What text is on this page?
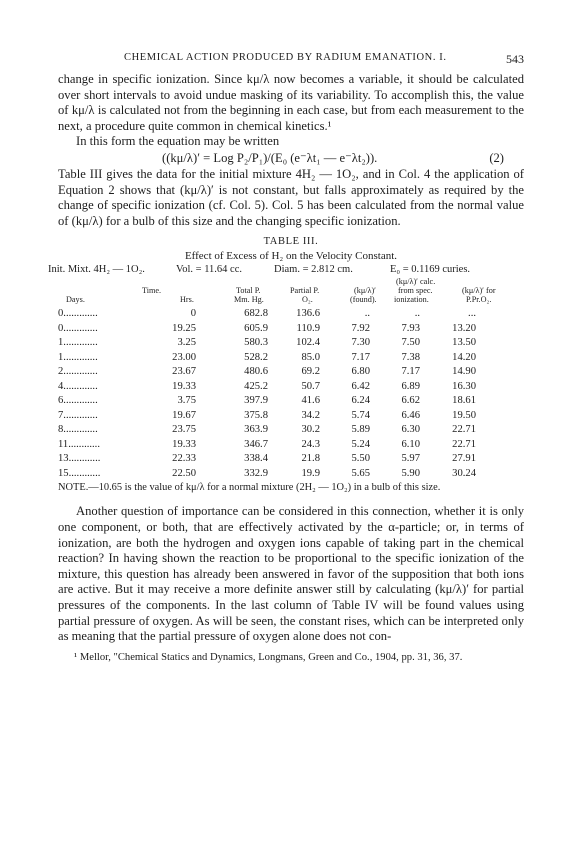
CHEMICAL ACTION PRODUCED BY RADIUM EMANATION. I.	543

change in specific ionization. Since kμ/λ now becomes a variable, it should be calculated over short intervals to avoid undue masking of its variability. To accomplish this, the value of kμ/λ is calculated not from the beginning in each case, but from each measurement to the next, a procedure quite common in chemical kinetics.¹

In this form the equation may be written

((kμ/λ)′ = Log P₂/P₁)/(E₀ (e⁻λt₁ — e⁻λt₂)).	(2)

Table III gives the data for the initial mixture 4H₂ — 1O₂, and in Col. 4 the application of Equation 2 shows that (kμ/λ)′ is not constant, but falls approximately as required by the change of specific ionization (cf. Col. 5). Col. 5 has been calculated from the normal value of (kμ/λ) for a bulb of this size and the changing specific ionization.

TABLE III.
Effect of Excess of H₂ on the Velocity Constant.
Init. Mixt. 4H₂ — 1O₂.	Vol. = 11.64 cc.	Diam. = 2.812 cm.	E₀ = 0.1169 curies.
Time.
Days.	Hrs.
Total P.
Mm. Hg.
Partial P.
O₂.
(kμ/λ)′
(found).
(kμ/λ)′ calc.
from spec.
ionization.
(kμ/λ)′ for
P.Pr.O₂.
0.............	0	682.8	136.6	..	..	...
0.............	19.25	605.9	110.9	7.92	7.93	13.20
1.............	3.25	580.3	102.4	7.30	7.50	13.50
1.............	23.00	528.2	85.0	7.17	7.38	14.20
2.............	23.67	480.6	69.2	6.80	7.17	14.90
4.............	19.33	425.2	50.7	6.42	6.89	16.30
6.............	3.75	397.9	41.6	6.24	6.62	18.61
7.............	19.67	375.8	34.2	5.74	6.46	19.50
8.............	23.75	363.9	30.2	5.89	6.30	22.71
11............	19.33	346.7	24.3	5.24	6.10	22.71
13............	22.33	338.4	21.8	5.50	5.97	27.91
15............	22.50	332.9	19.9	5.65	5.90	30.24
NOTE.—10.65 is the value of kμ/λ for a normal mixture (2H₂ — 1O₂) in a bulb of this size.

Another question of importance can be considered in this connection, whether it is only one component, or both, that are effectively activated by the α-particle; or, in terms of ionization, are both the hydrogen and oxygen ions capable of taking part in the chemical reaction? In having shown the reaction to be proportional to the specific ionization of the mixture, this question has already been answered in favor of the supposition that both ions are active. But it may receive a more definite answer still by calculating (kμ/λ)′ for partial pressures of the components. In the last column of Table IV will be found values using partial pressure of oxygen. As will be seen, the constant rises, which can be interpreted only as meaning that the partial pressure of oxygen alone does not con-

¹ Mellor, "Chemical Statics and Dynamics, Longmans, Green and Co., 1904, pp. 31, 36, 37.
